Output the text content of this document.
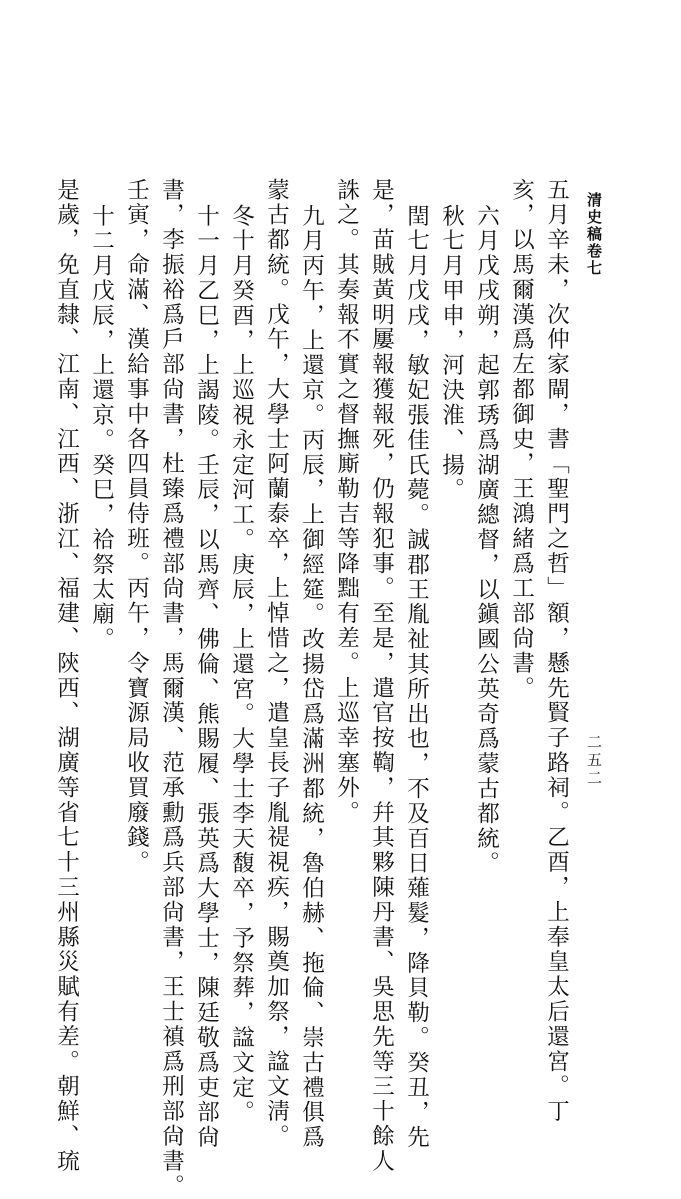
清史稿卷七
二五二
五月辛未，次仲家閘，書「聖門之哲」額，懸先賢子路祠。乙酉，上奉皇太后還宮。丁
亥，以馬爾漢爲左都御史，王鴻緒爲工部尙書。
六月戊戌朔，起郭琇爲湖廣總督，以鎭國公英奇爲蒙古都統。
秋七月甲申，河決淮、揚。
閏七月戊戌，敏妃張佳氏薨。誠郡王胤祉其所出也，不及百日薙髮，降貝勒。癸丑，先
是，苗賊黃明屢報獲報死，仍報犯事。至是，遣官按鞫，幷其夥陳丹書、吳思先等三十餘人
誅之。其奏報不實之督撫廝勒吉等降黜有差。上巡幸塞外。
九月丙午，上還京。丙辰，上御經筵。改揚岱爲滿洲都統，魯伯赫、拖倫、崇古禮俱爲
蒙古都統。戊午，大學士阿蘭泰卒，上悼惜之，遣皇長子胤禔視疾，賜奠加祭，諡文淸。
冬十月癸酉，上巡視永定河工。庚辰，上還宮。大學士李天馥卒，予祭葬，諡文定。
十一月乙巳，上謁陵。壬辰，以馬齊、佛倫、熊賜履、張英爲大學士，陳廷敬爲吏部尙
書，李振裕爲戶部尙書，杜臻爲禮部尙書，馬爾漢、范承勳爲兵部尙書，王士禛爲刑部尙書。
壬寅，命滿、漢給事中各四員侍班。丙午，令寶源局收買廢錢。
十二月戊辰，上還京。癸巳，祫祭太廟。
是歲，免直隸、江南、江西、浙江、福建、陝西、湖廣等省七十三州縣災賦有差。朝鮮、琉
